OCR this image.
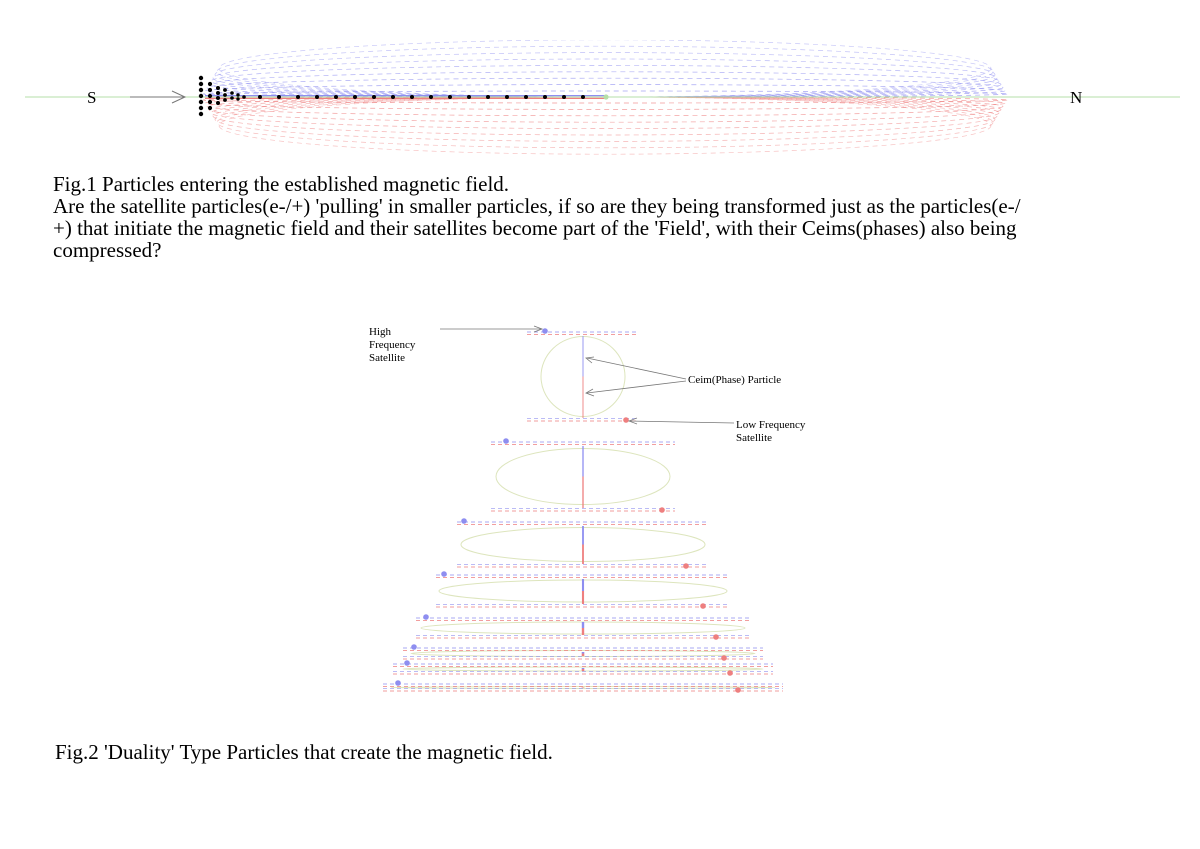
S	N
Fig.1 Particles entering the established magnetic field.
Are the satellite particles(e-/+) 'pulling' in smaller particles, if so are they being transformed just as the particles(e-/
+) that initiate the magnetic field and their satellites become part of the 'Field', with their Ceims(phases) also being
compressed?
High Frequency Satellite
Ceim(Phase) Particle
Low Frequency Satellite
Fig.2 'Duality' Type Particles that create the magnetic field.
